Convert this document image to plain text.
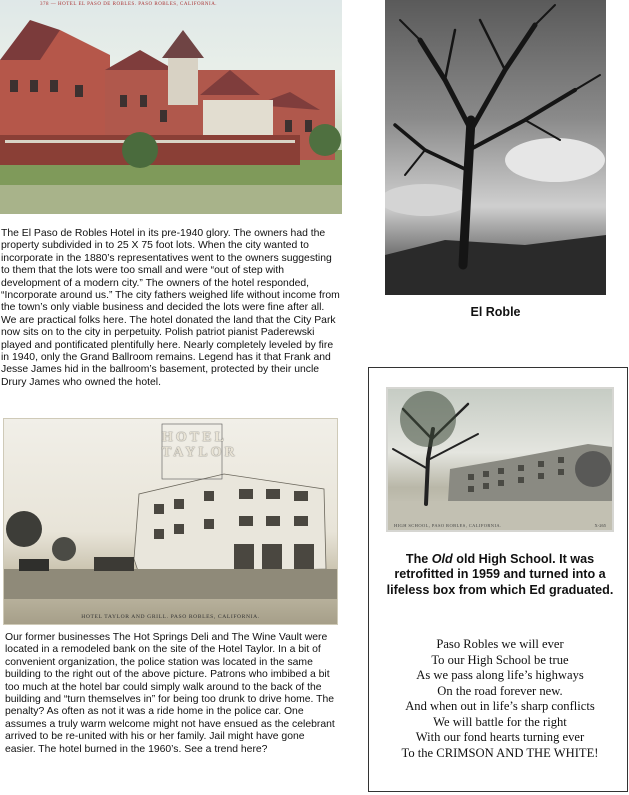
378 — HOTEL EL PASO DE ROBLES. PASO ROBLES, CALIFORNIA.
The El Paso de Robles Hotel in its pre-1940 glory. The owners had the property subdivided in to 25 X 75 foot lots. When the city wanted to incorporate in the 1880’s representatives went to the owners suggesting to them that the lots were too small and were “out of step with development of a modern city.” The owners of the hotel responded, “Incorporate around us.” The city fathers weighed life without income from the town’s only viable business and decided the lots were fine after all. We are practical folks here. The hotel donated the land that the City Park now sits on to the city in perpetuity. Polish patriot pianist Paderewski played and pontificated plentifully here. Nearly completely leveled by fire in 1940, only the Grand Ballroom remains. Legend has it that Frank and Jesse James hid in the ballroom’s basement, protected by their uncle Drury James who owned the hotel.
HOTEL
TAYLOR
HOTEL TAYLOR AND GRILL. PASO ROBLES, CALIFORNIA.
Our former businesses The Hot Springs Deli and The Wine Vault were located in a remodeled bank on the site of the Hotel Taylor. In a bit of convenient organization, the police station was located in the same building to the right out of the above picture. Patrons who imbibed a bit too much at the hotel bar could simply walk around to the back of the building and “turn themselves in” for being too drunk to drive home. The penalty? As often as not it was a ride home in the police car. One assumes a truly warm welcome might not have ensued as the celebrant arrived to be re-united with his or her family. Jail might have gone easier. The hotel burned in the 1960’s. See a trend here?
El Roble
HIGH SCHOOL, PASO ROBLES, CALIFORNIA.	X-265
The Old old High School. It was retrofitted in 1959 and turned into a lifeless box from which Ed graduated.
Paso Robles we will ever
To our High School be true
As we pass along life’s highways
On the road forever new.
And when out in life’s sharp conflicts
We will battle for the right
With our fond hearts turning ever
To the CRIMSON AND THE WHITE!
